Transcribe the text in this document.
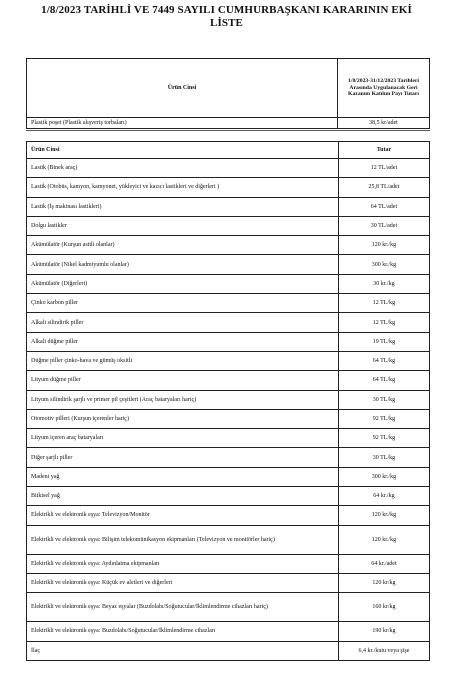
1/8/2023 TARİHLİ VE 7449 SAYILI CUMHURBAŞKANI KARARININ EKİ
LİSTE
Ürün Cinsi	1/8/2023-31/12/2023 Tarihleri Arasında Uygulanacak Geri Kazanım Katılım Payı Tutarı
Plastik poşet (Plastik alışveriş torbaları)	38,5 kr/adet
Ürün Cinsi	Tutar
Lastik (Binek araç)	12 TL/adet
Lastik (Otobüs, kamyon, kamyonet, yükleyici ve kazıcı lastikleri ve diğerleri )	25,8 TL/adet
Lastik (İş makinası lastikleri)	64 TL/adet
Dolgu lastikler	30 TL/adet
Akümülatör (Kurşun asitli olanlar)	120 kr./kg
Akümülatör (Nikel kadmiyumlu olanlar)	300 kr./kg
Akümülatör (Diğerleri)	30 kr./kg
Çinko karbon piller	12 TL/kg
Alkali silindirik piller	12 TL/kg
Alkali düğme piller	19 TL/kg
Düğme piller çinko-hava ve gümüş oksitli	64 TL/kg
Lityum düğme piller	64 TL/kg
Lityum silindirik şarjlı ve primer pil çeşitleri (Araç bataryaları hariç)	30 TL/kg
Otomotiv pilleri (Kurşun içerenler hariç)	92 TL/kg
Lityum içeren araç bataryaları	92 TL/kg
Diğer şarjlı piller	30 TL/kg
Madeni yağ	300 kr./kg
Bitkisel yağ	64 kr./kg
Elektrikli ve elektronik eşya: Televizyon/Monitör	120 kr./kg
Elektrikli ve elektronik eşya: Bilişim telekomünikasyon ekipmanları (Televizyon ve monitörler hariç)	120 kr./kg
Elektrikli ve elektronik eşya: Aydınlatma ekipmanları	64 kr./adet
Elektrikli ve elektronik eşya: Küçük ev aletleri ve diğerleri	120 kr/kg
Elektrikli ve elektronik eşya: Beyaz eşyalar (Buzdolabı/Soğutucular/İklimlendirme cihazları hariç)	160 kr/kg
Elektrikli ve elektronik eşya: Buzdolabı/Soğutucular/İklimlendirme cihazları	190 kr/kg
İlaç	6,4 kr./kutu veya şişe
